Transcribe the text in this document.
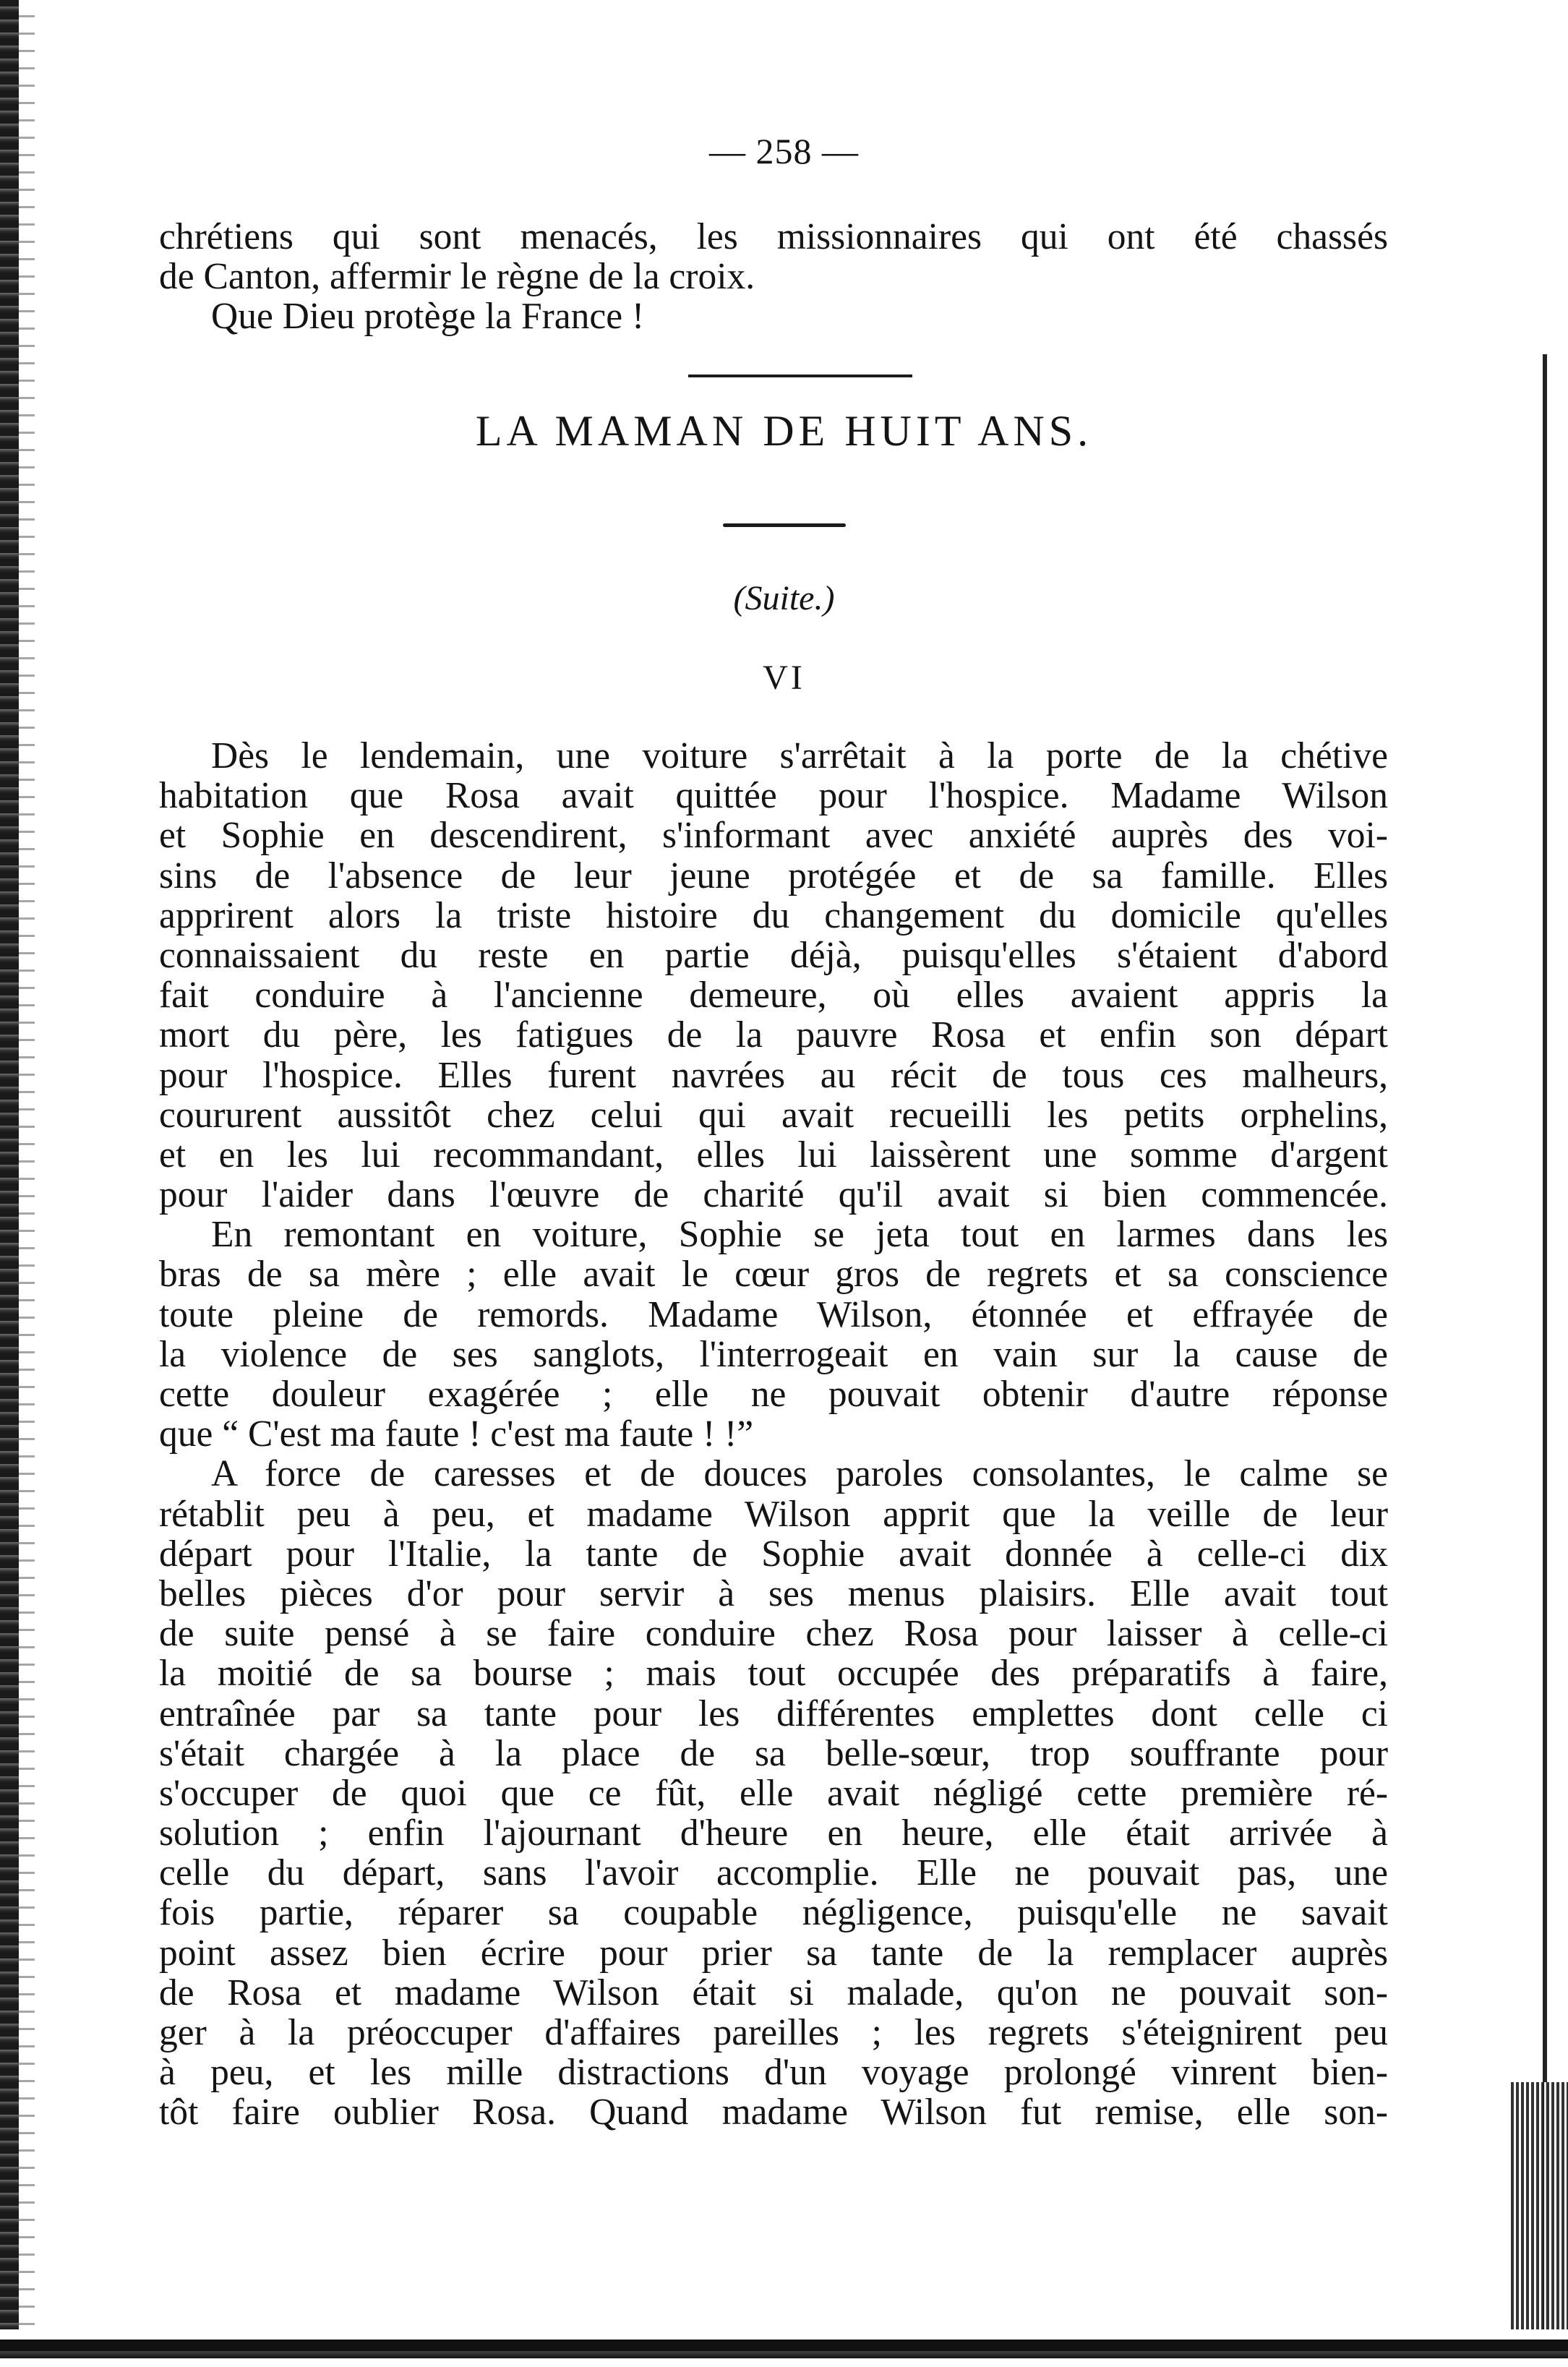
— 258 —
chrétiens qui sont menacés, les missionnaires qui ont été chassés
de Canton, affermir le règne de la croix.
Que Dieu protège la France !
LA MAMAN DE HUIT ANS.
(Suite.)
VI
Dès le lendemain, une voiture s'arrêtait à la porte de la chétive
habitation que Rosa avait quittée pour l'hospice. Madame Wilson
et Sophie en descendirent, s'informant avec anxiété auprès des voi-
sins de l'absence de leur jeune protégée et de sa famille. Elles
apprirent alors la triste histoire du changement du domicile qu'elles
connaissaient du reste en partie déjà, puisqu'elles s'étaient d'abord
fait conduire à l'ancienne demeure, où elles avaient appris la
mort du père, les fatigues de la pauvre Rosa et enfin son départ
pour l'hospice. Elles furent navrées au récit de tous ces malheurs,
coururent aussitôt chez celui qui avait recueilli les petits orphelins,
et en les lui recommandant, elles lui laissèrent une somme d'argent
pour l'aider dans l'œuvre de charité qu'il avait si bien commencée.
En remontant en voiture, Sophie se jeta tout en larmes dans les
bras de sa mère ; elle avait le cœur gros de regrets et sa conscience
toute pleine de remords. Madame Wilson, étonnée et effrayée de
la violence de ses sanglots, l'interrogeait en vain sur la cause de
cette douleur exagérée ; elle ne pouvait obtenir d'autre réponse
que “ C'est ma faute ! c'est ma faute ! !”
A force de caresses et de douces paroles consolantes, le calme se
rétablit peu à peu, et madame Wilson apprit que la veille de leur
départ pour l'Italie, la tante de Sophie avait donnée à celle-ci dix
belles pièces d'or pour servir à ses menus plaisirs. Elle avait tout
de suite pensé à se faire conduire chez Rosa pour laisser à celle-ci
la moitié de sa bourse ; mais tout occupée des préparatifs à faire,
entraînée par sa tante pour les différentes emplettes dont celle ci
s'était chargée à la place de sa belle-sœur, trop souffrante pour
s'occuper de quoi que ce fût, elle avait négligé cette première ré-
solution ; enfin l'ajournant d'heure en heure, elle était arrivée à
celle du départ, sans l'avoir accomplie. Elle ne pouvait pas, une
fois partie, réparer sa coupable négligence, puisqu'elle ne savait
point assez bien écrire pour prier sa tante de la remplacer auprès
de Rosa et madame Wilson était si malade, qu'on ne pouvait son-
ger à la préoccuper d'affaires pareilles ; les regrets s'éteignirent peu
à peu, et les mille distractions d'un voyage prolongé vinrent bien-
tôt faire oublier Rosa. Quand madame Wilson fut remise, elle son-
